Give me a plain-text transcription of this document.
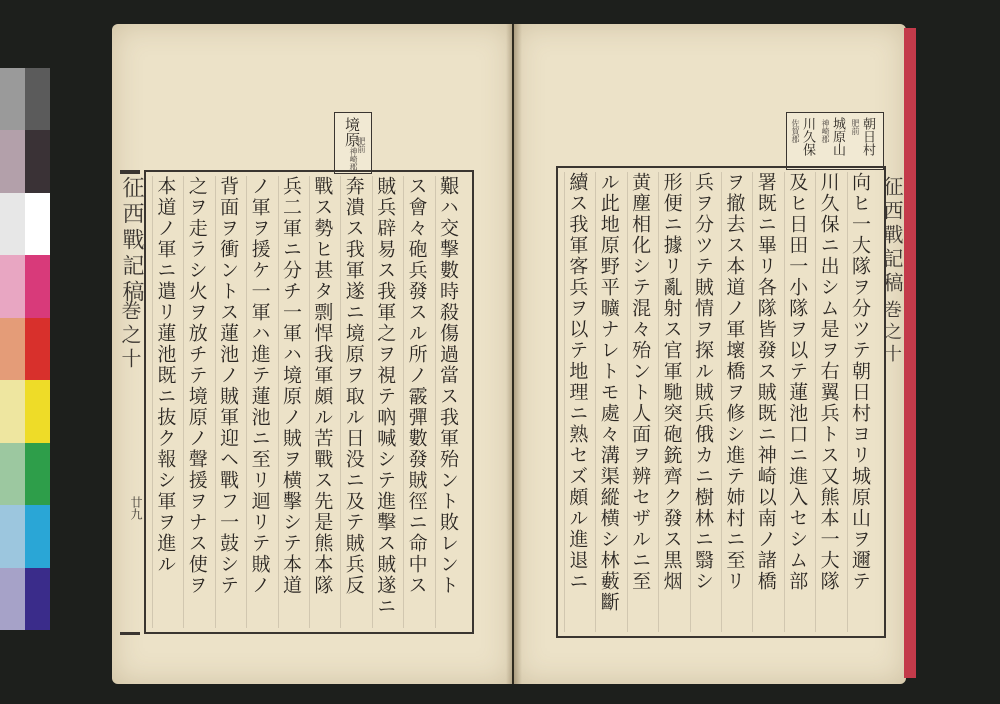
征西戰記稿
巻之十
廿九
境原
肥前
神崎郡
艱ハ交撃數時殺傷過當ス我軍殆ント敗レント
ス會々砲兵發スル所ノ霰彈數發賊徑ニ命中ス
賊兵辟易ス我軍之ヲ視テ吶喊シテ進擊ス賊遂ニ
奔潰ス我軍遂ニ境原ヲ取ル日没ニ及テ賊兵反
戰ス勢ヒ甚タ剽悍我軍頗ル苦戰ス先是熊本隊
兵二軍ニ分チ一軍ハ境原ノ賊ヲ横擊シテ本道
ノ軍ヲ援ケ一軍ハ進テ蓮池ニ至リ迴リテ賊ノ
背面ヲ衝ントス蓮池ノ賊軍迎ヘ戰フ一鼓シテ
之ヲ走ラシ火ヲ放チテ境原ノ聲援ヲナス使ヲ
本道ノ軍ニ遣リ蓮池既ニ抜ク報シ軍ヲ進ル
朝日村
肥前
城原山
神崎郡
川久保
佐賀郡
征西戰記稿
巻之十
向ヒ一大隊ヲ分ツテ朝日村ヨリ城原山ヲ邇テ
川久保ニ出シム是ヲ右翼兵トス又熊本一大隊
及ヒ日田一小隊ヲ以テ蓮池口ニ進入セシム部
署既ニ畢リ各隊皆發ス賊既ニ神崎以南ノ諸橋
ヲ撤去ス本道ノ軍壞橋ヲ修シ進テ姉村ニ至リ
兵ヲ分ツテ賊情ヲ探ル賊兵俄カニ樹林ニ翳シ
形便ニ據リ亂射ス官軍馳突砲銃齊ク發ス黒烟
黄塵相化シテ混々殆ント人面ヲ辨セザルニ至
ル此地原野平曠ナレトモ處々溝渠縱横シ林藪斷
續ス我軍客兵ヲ以テ地理ニ熟セズ頗ル進退ニ
